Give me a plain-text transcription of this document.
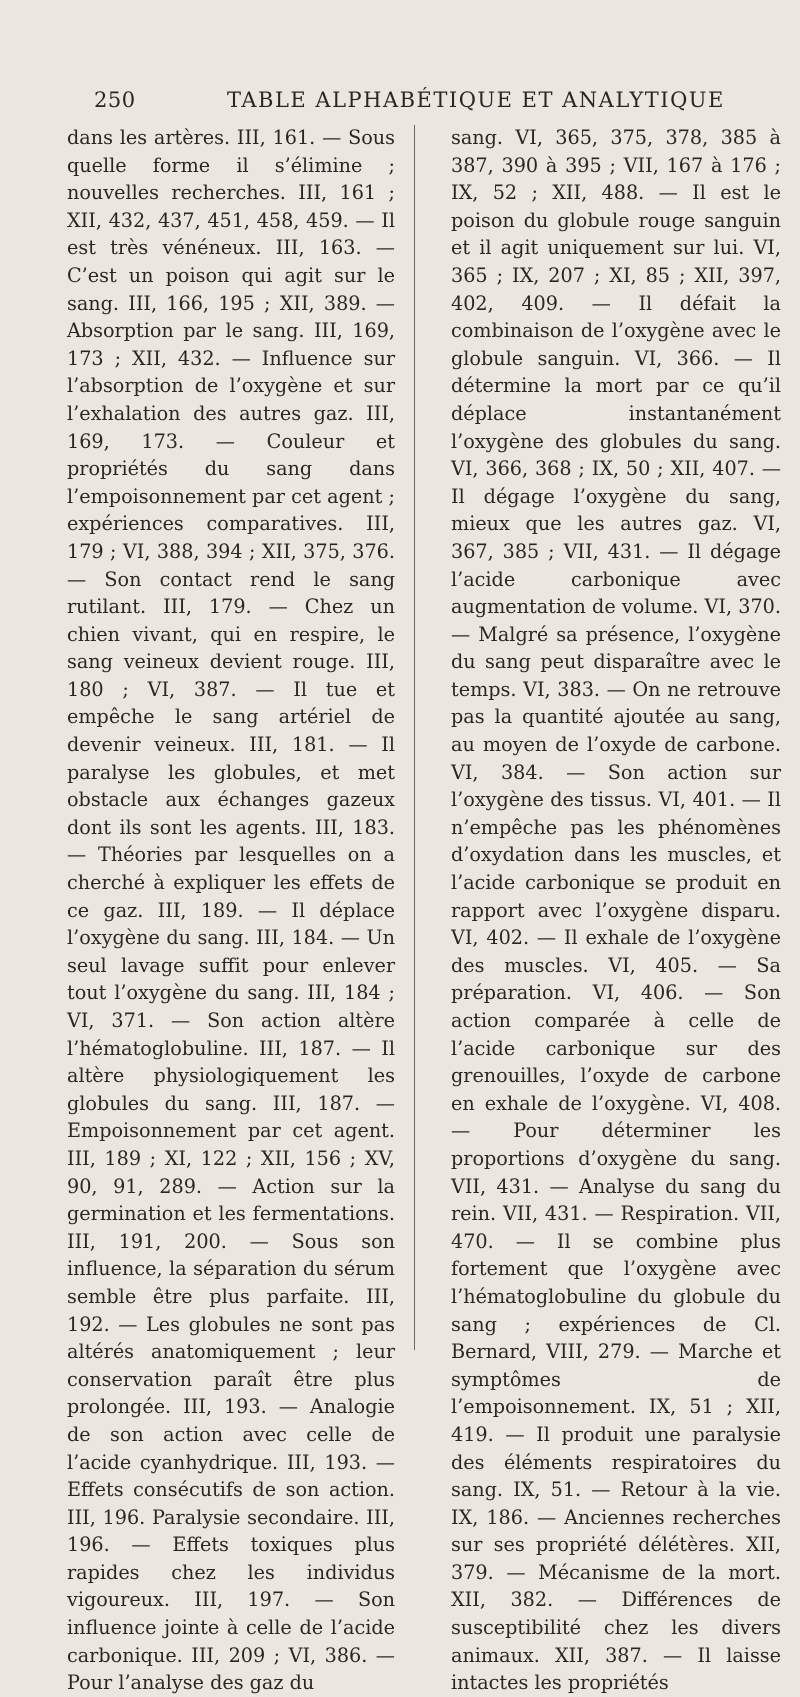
250	TABLE ALPHABÉTIQUE ET ANALYTIQUE

dans les artères. III, 161. — Sous quelle forme il s’élimine ; nouvelles recherches. III, 161 ; XII, 432, 437, 451, 458, 459. — Il est très vénéneux. III, 163. — C’est un poison qui agit sur le sang. III, 166, 195 ; XII, 389. — Absorption par le sang. III, 169, 173 ; XII, 432. — Influence sur l’absorption de l’oxygène et sur l’exhalation des autres gaz. III, 169, 173. — Couleur et propriétés du sang dans l’empoisonnement par cet agent ; expériences comparatives. III, 179 ; VI, 388, 394 ; XII, 375, 376. — Son contact rend le sang rutilant. III, 179. — Chez un chien vivant, qui en respire, le sang veineux devient rouge. III, 180 ; VI, 387. — Il tue et empêche le sang artériel de devenir veineux. III, 181. — Il paralyse les globules, et met obstacle aux échanges gazeux dont ils sont les agents. III, 183. — Théories par lesquelles on a cherché à expliquer les effets de ce gaz. III, 189. — Il déplace l’oxygène du sang. III, 184. — Un seul lavage suffit pour enlever tout l’oxygène du sang. III, 184 ; VI, 371. — Son action altère l’hématoglobuline. III, 187. — Il altère physiologiquement les globules du sang. III, 187. — Empoisonnement par cet agent. III, 189 ; XI, 122 ; XII, 156 ; XV, 90, 91, 289. — Action sur la germination et les fermentations. III, 191, 200. — Sous son influence, la séparation du sérum semble être plus parfaite. III, 192. — Les globules ne sont pas altérés anatomiquement ; leur conservation paraît être plus prolongée. III, 193. — Analogie de son action avec celle de l’acide cyanhydrique. III, 193. — Effets consécutifs de son action. III, 196. Paralysie secondaire. III, 196. — Effets toxiques plus rapides chez les individus vigoureux. III, 197. — Son influence jointe à celle de l’acide carbonique. III, 209 ; VI, 386. — Pour l’analyse des gaz du

sang. VI, 365, 375, 378, 385 à 387, 390 à 395 ; VII, 167 à 176 ; IX, 52 ; XII, 488. — Il est le poison du globule rouge sanguin et il agit uniquement sur lui. VI, 365 ; IX, 207 ; XI, 85 ; XII, 397, 402, 409. — Il défait la combinaison de l’oxygène avec le globule sanguin. VI, 366. — Il détermine la mort par ce qu’il déplace instantanément l’oxygène des globules du sang. VI, 366, 368 ; IX, 50 ; XII, 407. — Il dégage l’oxygène du sang, mieux que les autres gaz. VI, 367, 385 ; VII, 431. — Il dégage l’acide carbonique avec augmentation de volume. VI, 370. — Malgré sa présence, l’oxygène du sang peut disparaître avec le temps. VI, 383. — On ne retrouve pas la quantité ajoutée au sang, au moyen de l’oxyde de carbone. VI, 384. — Son action sur l’oxygène des tissus. VI, 401. — Il n’empêche pas les phénomènes d’oxydation dans les muscles, et l’acide carbonique se produit en rapport avec l’oxygène disparu. VI, 402. — Il exhale de l’oxygène des muscles. VI, 405. — Sa préparation. VI, 406. — Son action comparée à celle de l’acide carbonique sur des grenouilles, l’oxyde de carbone en exhale de l’oxygène. VI, 408. — Pour déterminer les proportions d’oxygène du sang. VII, 431. — Analyse du sang du rein. VII, 431. — Respiration. VII, 470. — Il se combine plus fortement que l’oxygène avec l’hématoglobuline du globule du sang ; expériences de Cl. Bernard, VIII, 279. — Marche et symptômes de l’empoisonnement. IX, 51 ; XII, 419. — Il produit une paralysie des éléments respiratoires du sang. IX, 51. — Retour à la vie. IX, 186. — Anciennes recherches sur ses propriété délétères. XII, 379. — Mécanisme de la mort. XII, 382. — Différences de susceptibilité chez les divers animaux. XII, 387. — Il laisse intactes les propriétés
